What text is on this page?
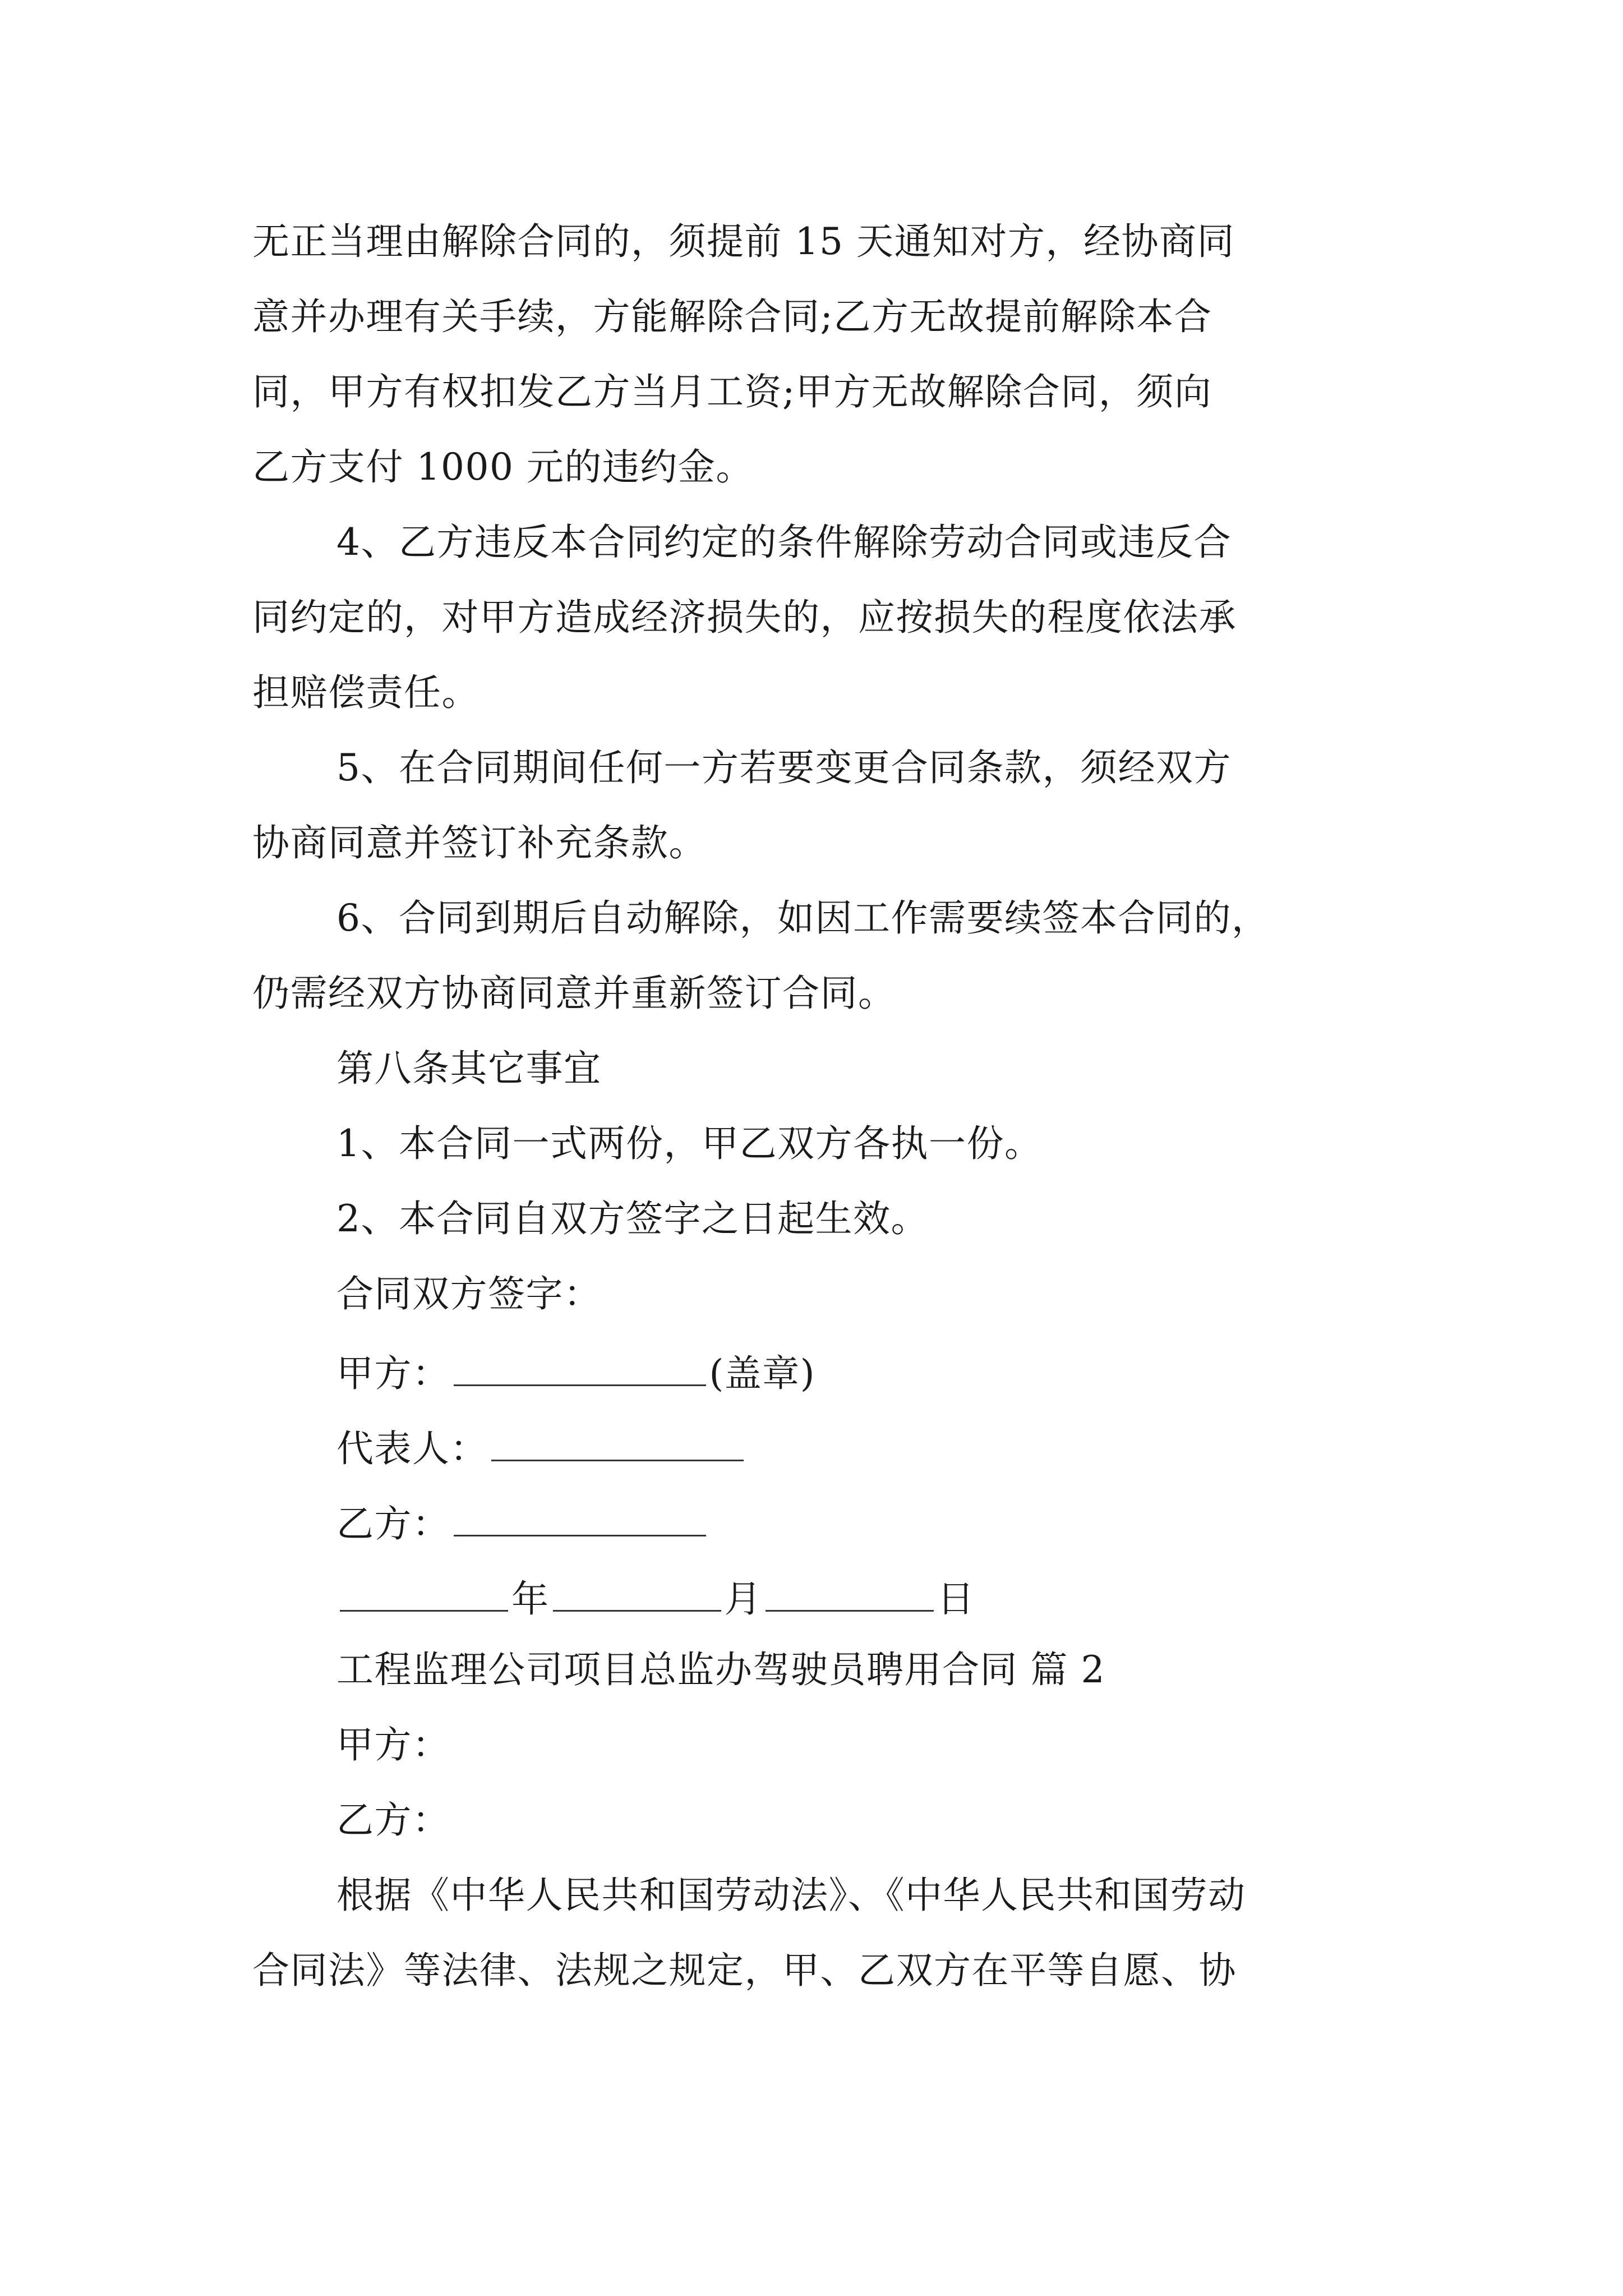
无正当理由解除合同的，须提前 15 天通知对方，经协商同
意并办理有关手续，方能解除合同;乙方无故提前解除本合
同，甲方有权扣发乙方当月工资;甲方无故解除合同，须向
乙方支付 1000 元的违约金。
4、乙方违反本合同约定的条件解除劳动合同或违反合
同约定的，对甲方造成经济损失的，应按损失的程度依法承
担赔偿责任。
5、在合同期间任何一方若要变更合同条款，须经双方
协商同意并签订补充条款。
6、合同到期后自动解除，如因工作需要续签本合同的，
仍需经双方协商同意并重新签订合同。
第八条其它事宜
1、本合同一式两份，甲乙双方各执一份。
2、本合同自双方签字之日起生效。
合同双方签字：
甲方：	(盖章)
代表人：
乙方：
年	月	日
工程监理公司项目总监办驾驶员聘用合同 篇 2
甲方：
乙方：
根据《中华人民共和国劳动法》、《中华人民共和国劳动
合同法》等法律、法规之规定，甲、乙双方在平等自愿、协
